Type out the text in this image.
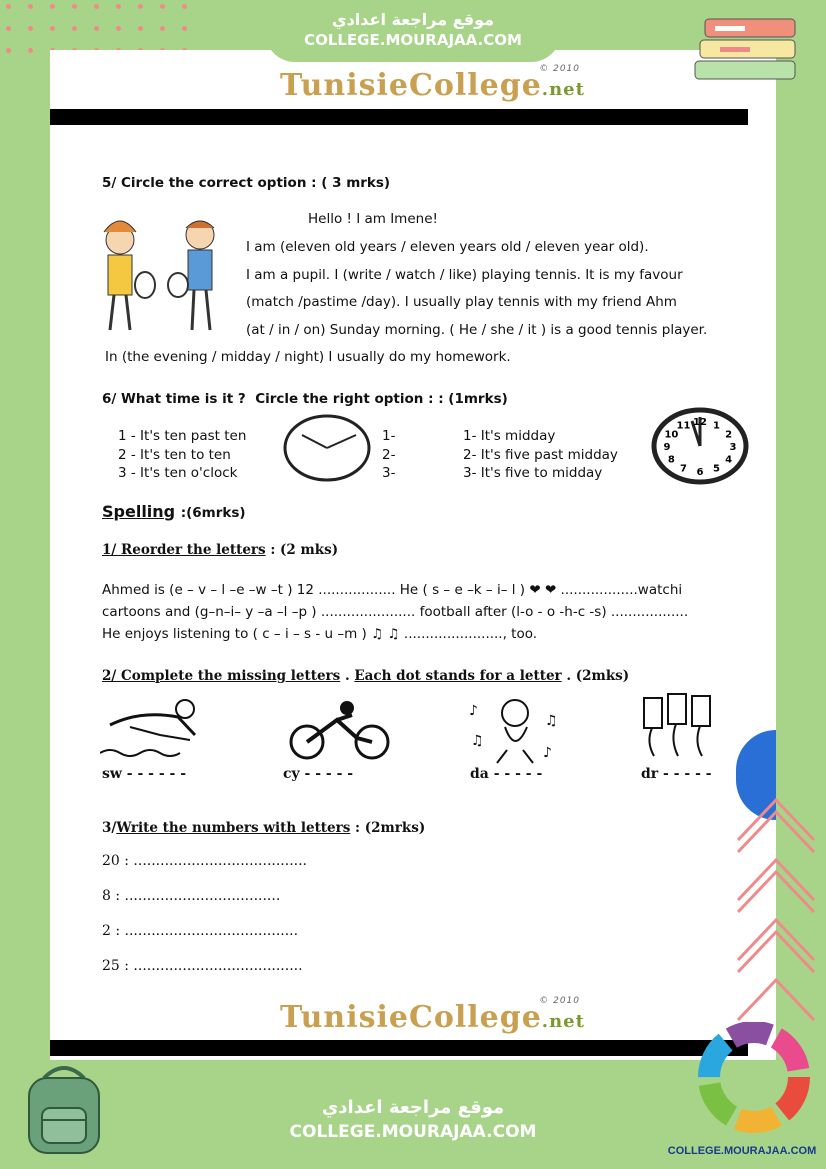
TunisieCollege.net
© 2010
5/ Circle the correct option : ( 3 mrks)
Hello ! I am Imene!
I am (eleven old years / eleven years old / eleven year old).
I am a pupil. I (write / watch / like) playing tennis. It is my favour
(match /pastime /day). I usually play tennis with my friend Ahm
(at / in / on) Sunday morning. ( He / she / it ) is a good tennis player.
In (the evening / midday / night) I usually do my homework.
6/ What time is it ? Circle the right option : : (1mrks)
1 - It's ten past ten
2 - It's ten to ten
3 - It's ten o'clock
1-
2-
3-
1- It's midday
2- It's five past midday
3- It's five to midday
12 1
2
3
4
5
6
7
8
9
10
11
Spelling :(6mrks)
1/ Reorder the letters : (2 mks)
Ahmed is (e – v – l –e –w –t ) 12 .................. He ( s – e –k – i– l ) ❤ ❤ ..................watchi
cartoons and (g–n–i– y –a –l –p ) ...................... football after (l-o - o -h-c -s) ..................
He enjoys listening to ( c – i – s - u –m ) ♫ ♫ ......................., too.
2/ Complete the missing letters . Each dot stands for a letter . (2mks)
♪
♫
♫
♪
sw - - - - - -	cy - - - - -	da - - - - -	dr - - - - -
3/Write the numbers with letters : (2mrks)
20 : .......................................
8 : ...................................
2 : .......................................
25 : ......................................
TunisieCollege.net
© 2010
موقع مراجعة اعدادي
COLLEGE.MOURAJAA.COM
موقع مراجعة اعدادي
COLLEGE.MOURAJAA.COM
COLLEGE.MOURAJAA.COM
